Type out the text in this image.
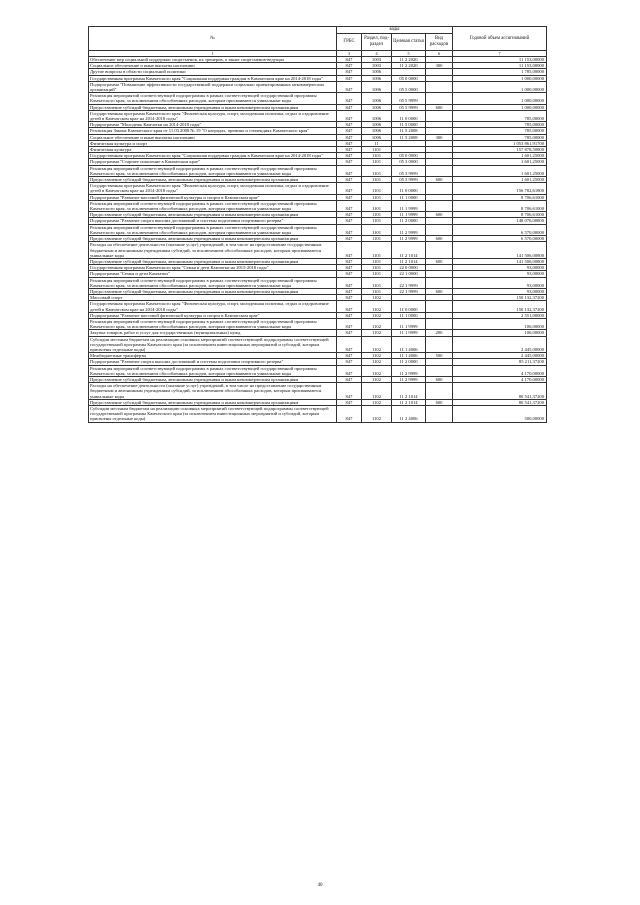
№	коды				Годовой объем ассигнований
	ГРБС	Раздел, под-раздел	Целевая статья	Вид расходов	
1	3	4	5	6	7
Обеспечение мер социальной поддержки спортсменов, их тренеров, а также спортсменов-ведущих	847	1003	11 2 2020		11 153,00000
Социальное обеспечение и иные выплаты населению	847	1003	11 2 2020	300	11 153,00000
Другие вопросы в области социальной политики	847	1006			1 785,00000
Государственная программа Камчатского края "Социальная поддержка граждан в Камчатском крае на 2014-2018 годы"	847	1006	05 0 0000		1 000,00000
Подпрограмма "Повышение эффективности государственной поддержки социально ориентированных некоммерческих организаций"	847	1006	05 5 0000		1 000,00000
Реализация мероприятий соответствующей подпрограммы в рамках соответствующей государственной программы Камчатского края, за исключением обособленных расходов, которым присваиваются уникальные коды	847	1006	05 5 9999		1 000,00000
Предоставление субсидий бюджетным, автономным учреждениям и иным некоммерческим организациям	847	1006	05 5 9999	600	1 000,00000
Государственная программа Камчатского края "Физическая культура, спорт, молодежная политика, отдых и оздоровление детей в Камчатском крае на 2014-2018 годы"	847	1006	11 0 0000		785,00000
Подпрограмма "Молодежь Камчатки на 2014-2018 годы"	847	1006	11 5 0000		785,00000
Реализация Закона Камчатского края от 11.03.2008 № 19 "О наградах, премиях и стипендиях Камчатского края"	847	1006	11 5 2008		785,00000
Социальное обеспечение и иные выплаты населению	847	1006	11 5 2008	300	785,00000
Физическая культура и спорт	847	11			1 053 861,91700
Физическая культура	847	1101			157 878,50800
Государственная программа Камчатского края "Социальная поддержка граждан в Камчатском крае на 2014-2018 годы"	847	1101	05 0 0000		1 601,25000
Подпрограмма "Старшее поколение в Камчатском крае"	847	1101	05 3 0000		1 601,25000
Реализация мероприятий соответствующей подпрограммы в рамках соответствующей государственной программы Камчатского края, за исключением обособленных расходов, которым присваиваются уникальные коды	847	1101	05 3 9999		1 601,25000
Предоставление субсидий бюджетным, автономным учреждениям и иным некоммерческим организациям	847	1101	05 3 9999	600	1 601,25000
Государственная программа Камчатского края "Физическая культура, спорт, молодежная политика, отдых и оздоровление детей в Камчатском крае на 2014-2018 годы"	847	1101	11 0 0000		156 782,61800
Подпрограмма "Развитие массовой физической культуры и спорта в Камчатском крае"	847	1101	11 1 0000		8 706,61000
Реализация мероприятий соответствующей подпрограммы в рамках соответствующей государственной программы Камчатского края, за исключением обособленных расходов, которым присваиваются уникальные коды	847	1101	11 1 9999		8 706,61000
Предоставление субсидий бюджетным, автономным учреждениям и иным некоммерческим организациям	847	1101	11 1 9999	600	8 706,61000
Подпрограмма "Развитие спорта высших достижений и системы подготовки спортивного резерва"	847	1101	11 2 0000		148 076,00800
Реализация мероприятий соответствующей подпрограммы в рамках соответствующей государственной программы Камчатского края, за исключением обособленных расходов, которым присваиваются уникальные коды	847	1101	11 2 9999		6 570,00000
Предоставление субсидий бюджетным, автономным учреждениям и иным некоммерческим организациям	847	1101	11 2 9999	600	6 570,00000
Расходы на обеспечение деятельности (оказание услуг) учреждений, в том числе на предоставление государственным бюджетным и автономным учреждениям субсидий, за исключением обособленных расходов, которым присваиваются уникальные коды	847	1101	11 2 1014		141 506,00800
Предоставление субсидий бюджетным, автономным учреждениям и иным некоммерческим организациям	847	1101	11 2 1014	600	141 506,00800
Государственная программа Камчатского края "Семья и дети Камчатки на 2015-2018 годы"	847	1101	22 0 0000		93,00000
Подпрограмма "Семья и дети Камчатки"	847	1101	22 1 0000		93,00000
Реализация мероприятий соответствующей подпрограммы в рамках соответствующей государственной программы Камчатского края, за исключением обособленных расходов, которым присваиваются уникальные коды	847	1101	22 1 9999		93,00000
Предоставление субсидий бюджетным, автономным учреждениям и иным некоммерческим организациям	847	1101	22 1 9999	600	93,00000
Массовый спорт	847	1102			150 132,37200
Государственная программа Камчатского края "Физическая культура, спорт, молодежная политика, отдых и оздоровление детей в Камчатском крае на 2014-2018 годы"	847	1102	11 0 0000		150 132,37200
Подпрограмма "Развитие массовой физической культуры и спорта в Камчатском крае"	847	1102	11 1 0000		2 551,00000
Реализация мероприятий соответствующей подпрограммы в рамках соответствующей государственной программы Камчатского края, за исключением обособленных расходов, которым присваиваются уникальные коды	847	1102	11 1 9999		106,00000
Закупка товаров, работ и услуг для государственных (муниципальных) нужд	847	1102	11 1 9999	200	106,00000
Субсидии местным бюджетам на реализацию основных мероприятий соответствующей подпрограммы соответствующей государственной программы Камчатского края (за исключением инвестиционных мероприятий и субсидий, которым присвоены отдельные коды)	847	1102	11 1 4006		2 445,00000
Межбюджетные трансферты	847	1102	11 1 4006	500	2 445,00000
Подпрограмма "Развитие спорта высших достижений и системы подготовки спортивного резерва"	847	1102	11 2 0000		85 211,37200
Реализация мероприятий соответствующей подпрограммы в рамках соответствующей государственной программы Камчатского края, за исключением обособленных расходов, которым присваиваются уникальные коды	847	1102	11 2 9999		4 170,00000
Предоставление субсидий бюджетным, автономным учреждениям и иным некоммерческим организациям	847	1102	11 2 9999	600	4 170,00000
Расходы на обеспечение деятельности (оказание услуг) учреждений, в том числе на предоставление государственным бюджетным и автономным учреждениям субсидий, за исключением обособленных расходов, которым присваиваются уникальные коды	847	1102	11 2 1014		80 541,37200
Предоставление субсидий бюджетным, автономным учреждениям и иным некоммерческим организациям	847	1102	11 2 1014	600	80 541,37200
Субсидии местным бюджетам на реализацию основных мероприятий соответствующей подпрограммы соответствующей государственной программы Камчатского края (за исключением инвестиционных мероприятий и субсидий, которым присвоены отдельные коды)	847	1102	11 2 4006		500,00000
40
